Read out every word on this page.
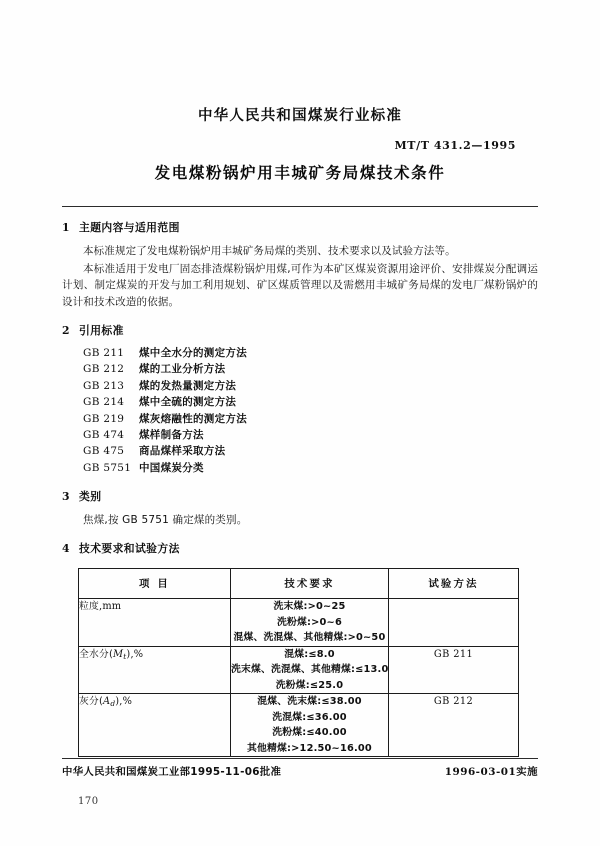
中华人民共和国煤炭行业标准
MT/T 431.2—1995
发电煤粉锅炉用丰城矿务局煤技术条件
1 主题内容与适用范围
本标准规定了发电煤粉锅炉用丰城矿务局煤的类别、技术要求以及试验方法等。
本标准适用于发电厂固态排渣煤粉锅炉用煤,可作为本矿区煤炭资源用途评价、安排煤炭分配调运计划、制定煤炭的开发与加工利用规划、矿区煤质管理以及需燃用丰城矿务局煤的发电厂煤粉锅炉的设计和技术改造的依据。
2 引用标准
GB 211 煤中全水分的测定方法
GB 212 煤的工业分析方法
GB 213 煤的发热量测定方法
GB 214 煤中全硫的测定方法
GB 219 煤灰熔融性的测定方法
GB 474 煤样制备方法
GB 475 商品煤样采取方法
GB 5751 中国煤炭分类
3 类别
焦煤,按 GB 5751 确定煤的类别。
4 技术要求和试验方法
项 目	技术要求	试验方法
粒度,mm	洗末煤:>0~25
洗粉煤:>0~6
混煤、洗混煤、其他精煤:>0~50	

全水分$(M_t),\%$	混煤:≤8.0
洗末煤、洗混煤、其他精煤:≤13.0
洗粉煤:≤25.0	GB 211
灰分$(A_d),\%$	混煤、洗末煤:≤38.00
洗混煤:≤36.00
洗粉煤:≤40.00
其他精煤:>12.50~16.00	GB 212
中华人民共和国煤炭工业部1995-11-06批准	1996-03-01实施
170
